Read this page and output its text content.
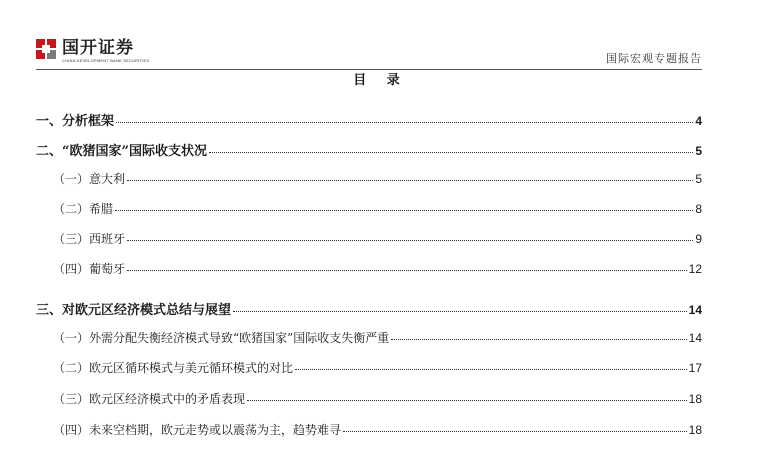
国开证券
CHINA DEVELOPMENT BANK SECURITIES	国际宏观专题报告
目 录
一、分析框架	4
二、“欧猪国家”国际收支状况	5
（一）意大利	5
（二）希腊	8
（三）西班牙	9
（四）葡萄牙	12
三、对欧元区经济模式总结与展望	14
（一）外需分配失衡经济模式导致“欧猪国家”国际收支失衡严重	14
（二）欧元区循环模式与美元循环模式的对比	17
（三）欧元区经济模式中的矛盾表现	18
（四）未来空档期，欧元走势或以震荡为主，趋势难寻	18
